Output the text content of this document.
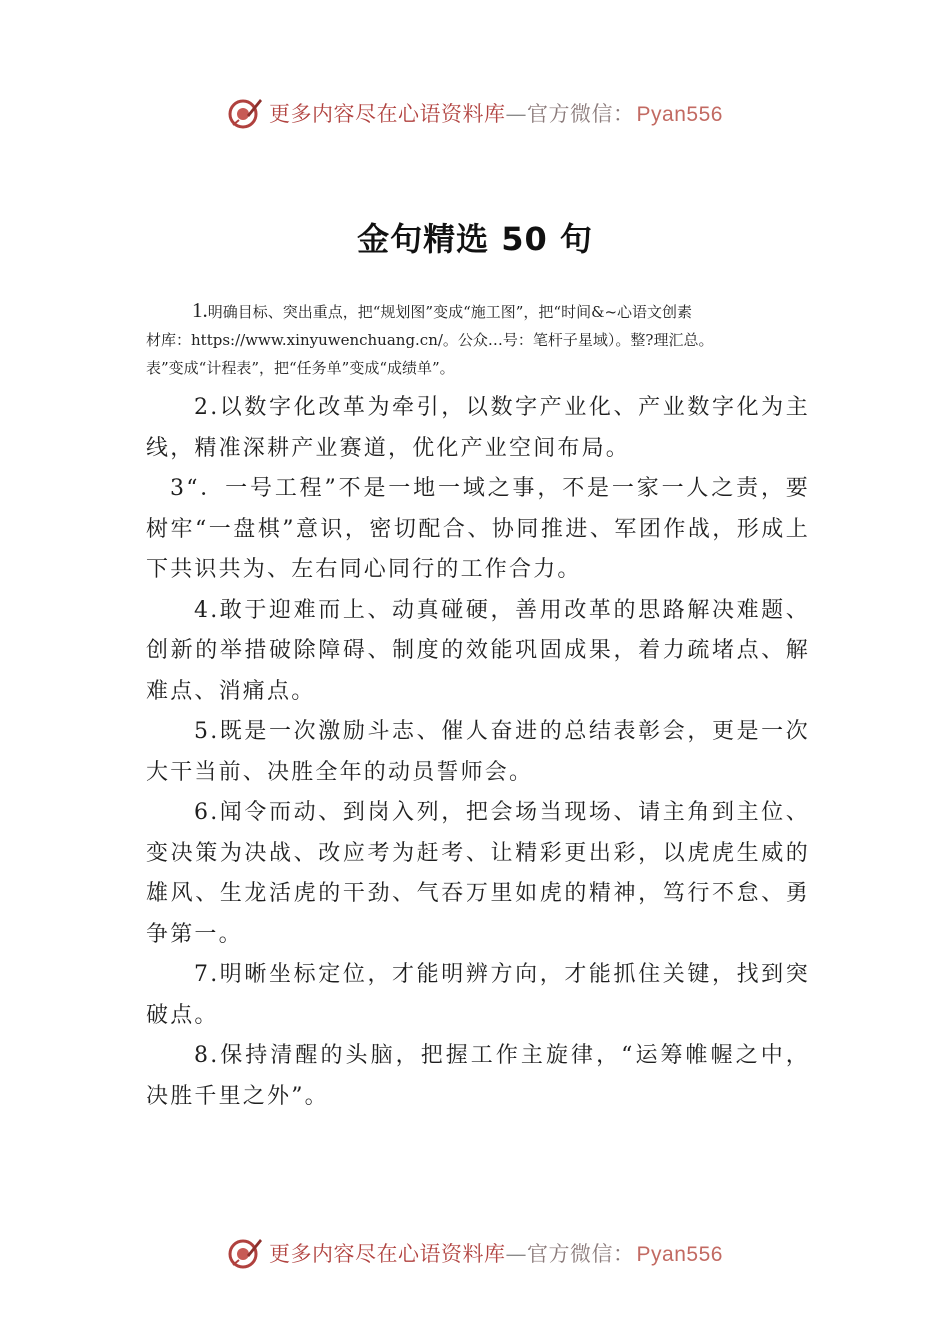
更多内容尽在心语资料库—官方微信：Pyan556
金句精选 50 句
1.明确目标、突出重点，把“规划图”变成“施工图”，把“时间&~心语文创素
材库：https://www.xinyuwenchuang.cn/。公众…号：笔杆子星域）。整?理汇总。
表”变成“计程表”，把“任务单”变成“成绩单”。

2.以数字化改革为牵引，以数字产业化、产业数字化为主线，精准深耕产业赛道，优化产业空间布局。

3“．一号工程”不是一地一域之事，不是一家一人之责，要树牢“一盘棋”意识，密切配合、协同推进、军团作战，形成上下共识共为、左右同心同行的工作合力。

4.敢于迎难而上、动真碰硬，善用改革的思路解决难题、创新的举措破除障碍、制度的效能巩固成果，着力疏堵点、解难点、消痛点。

5.既是一次激励斗志、催人奋进的总结表彰会，更是一次大干当前、决胜全年的动员誓师会。

6.闻令而动、到岗入列，把会场当现场、请主角到主位、变决策为决战、改应考为赶考、让精彩更出彩，以虎虎生威的雄风、生龙活虎的干劲、气吞万里如虎的精神，笃行不怠、勇争第一。

7.明晰坐标定位，才能明辨方向，才能抓住关键，找到突破点。

8.保持清醒的头脑，把握工作主旋律，“运筹帷幄之中，决胜千里之外”。

更多内容尽在心语资料库—官方微信：Pyan556
